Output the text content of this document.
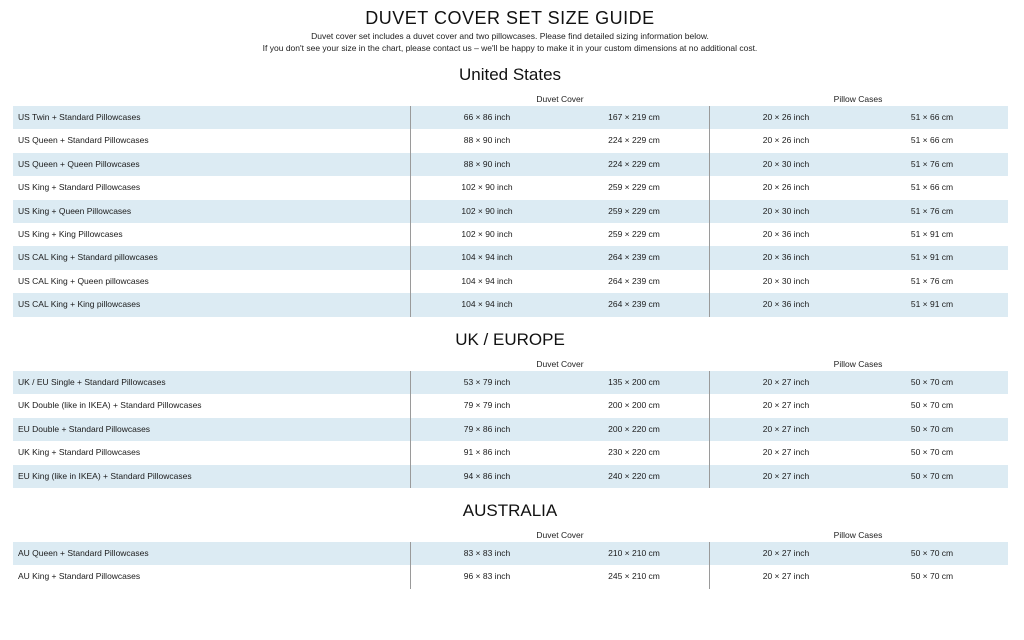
DUVET COVER SET SIZE GUIDE
Duvet cover set includes a duvet cover and two pillowcases. Please find detailed sizing information below.
If you don't see your size in the chart, please contact us – we'll be happy to make it in your custom dimensions at no additional cost.
United States
Duvet Cover	Pillow Cases
US Twin + Standard Pillowcases	66 × 86 inch	167 × 219 cm	20 × 26 inch	51 × 66 cm
US Queen + Standard Pillowcases	88 × 90 inch	224 × 229 cm	20 × 26 inch	51 × 66 cm
US Queen + Queen Pillowcases	88 × 90 inch	224 × 229 cm	20 × 30 inch	51 × 76 cm
US King + Standard Pillowcases	102 × 90 inch	259 × 229 cm	20 × 26 inch	51 × 66 cm
US King + Queen Pillowcases	102 × 90 inch	259 × 229 cm	20 × 30 inch	51 × 76 cm
US King + King Pillowcases	102 × 90 inch	259 × 229 cm	20 × 36 inch	51 × 91 cm
US CAL King + Standard pillowcases	104 × 94 inch	264 × 239 cm	20 × 36 inch	51 × 91 cm
US CAL King + Queen pillowcases	104 × 94 inch	264 × 239 cm	20 × 30 inch	51 × 76 cm
US CAL King + King pillowcases	104 × 94 inch	264 × 239 cm	20 × 36 inch	51 × 91 cm
UK / EUROPE
Duvet Cover	Pillow Cases
UK / EU Single + Standard Pillowcases	53 × 79 inch	135 × 200 cm	20 × 27 inch	50 × 70 cm
UK Double (like in IKEA) + Standard Pillowcases	79 × 79 inch	200 × 200 cm	20 × 27 inch	50 × 70 cm
EU Double + Standard Pillowcases	79 × 86 inch	200 × 220 cm	20 × 27 inch	50 × 70 cm
UK King + Standard Pillowcases	91 × 86 inch	230 × 220 cm	20 × 27 inch	50 × 70 cm
EU King (like in IKEA) + Standard Pillowcases	94 × 86 inch	240 × 220 cm	20 × 27 inch	50 × 70 cm
AUSTRALIA
Duvet Cover	Pillow Cases
AU Queen + Standard Pillowcases	83 × 83 inch	210 × 210 cm	20 × 27 inch	50 × 70 cm
AU King + Standard Pillowcases	96 × 83 inch	245 × 210 cm	20 × 27 inch	50 × 70 cm
